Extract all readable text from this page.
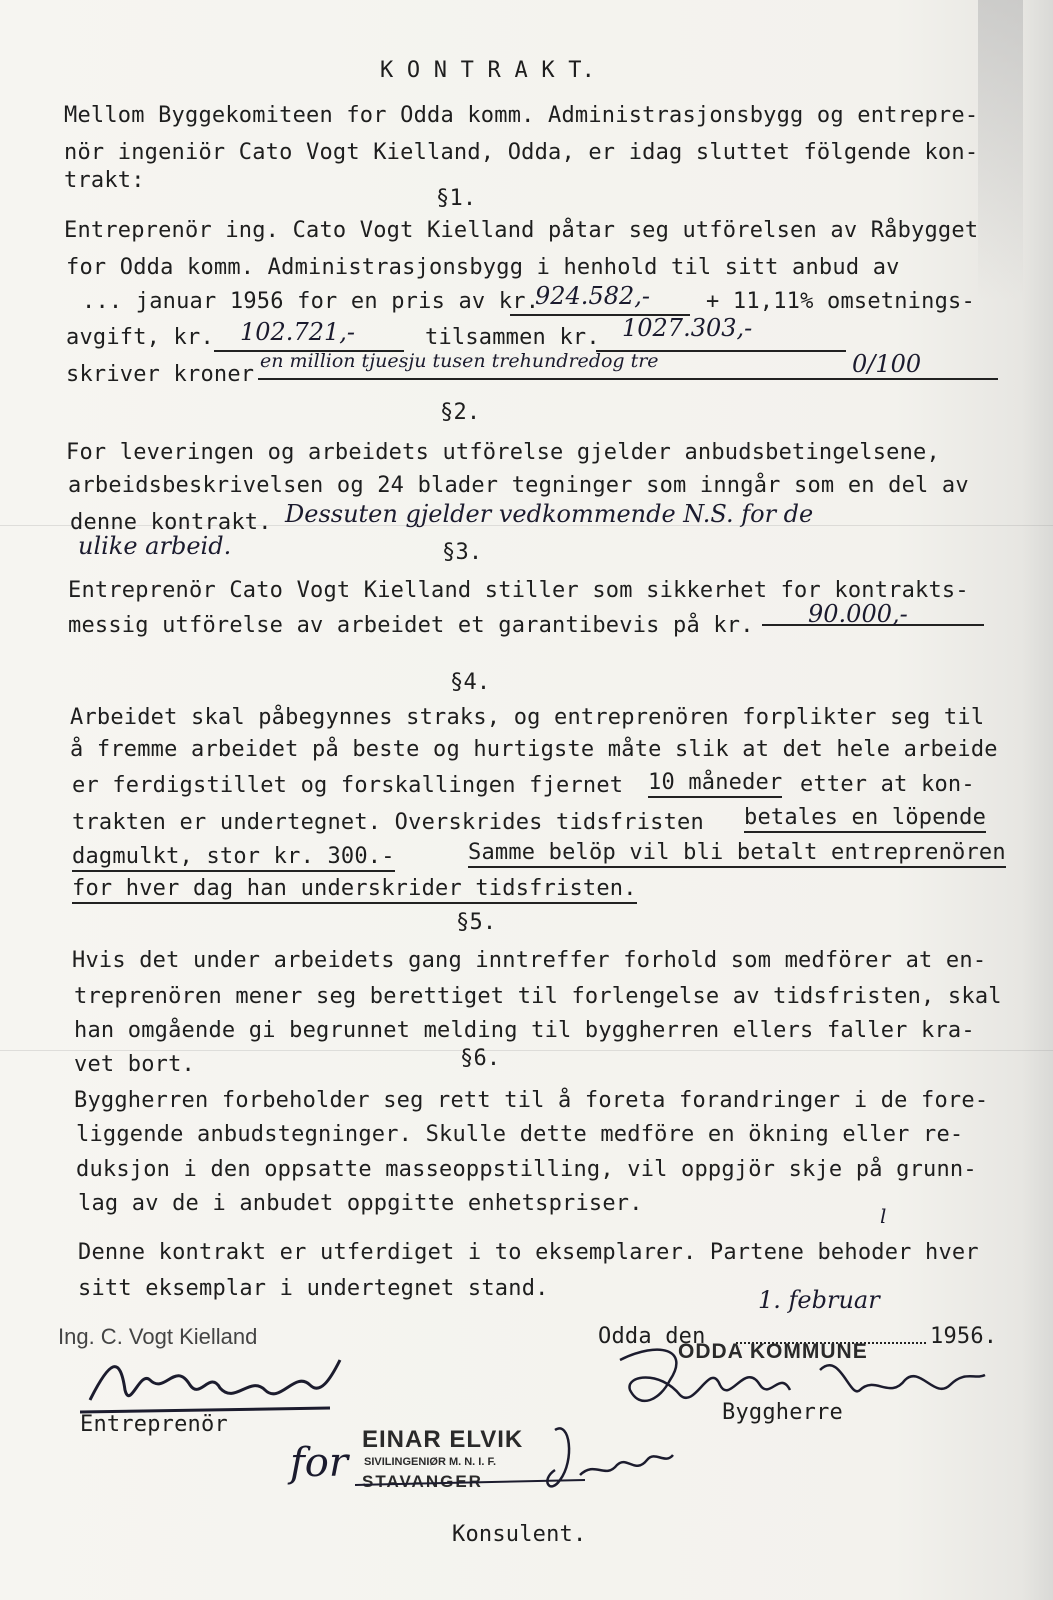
K O N T R A K T.
Mellom Byggekomiteen for Odda komm. Administrasjonsbygg og entrepre-
nör ingeniör Cato Vogt Kielland, Odda, er idag sluttet fölgende kon-
trakt:
§1.
Entreprenör ing. Cato Vogt Kielland påtar seg utförelsen av Råbygget
for Odda komm. Administrasjonsbygg i henhold til sitt anbud av
... januar 1956 for en pris av kr.
924.582,-	+ 11,11% omsetnings-
avgift, kr. 102.721,-	tilsammen kr. 1027.303,-
skriver kroner
en million tjuesju tusen trehundredog tre	0/100
§2.
For leveringen og arbeidets utförelse gjelder anbudsbetingelsene,
arbeidsbeskrivelsen og 24 blader tegninger som inngår som en del av
denne kontrakt. Dessuten gjelder vedkommende N.S. for de
ulike arbeid.	§3.
Entreprenör Cato Vogt Kielland stiller som sikkerhet for kontrakts-
messig utförelse av arbeidet et garantibevis på kr. 90.000,-
§4.
Arbeidet skal påbegynnes straks, og entreprenören forplikter seg til
å fremme arbeidet på beste og hurtigste måte slik at det hele arbeide
er ferdigstillet og forskallingen fjernet 10 måneder etter at kon-
trakten er undertegnet. Overskrides tidsfristen betales en löpende
dagmulkt, stor kr. 300.-	Samme belöp vil bli betalt entreprenören
for hver dag han underskrider tidsfristen.
§5.
Hvis det under arbeidets gang inntreffer forhold som medförer at en-
treprenören mener seg berettiget til forlengelse av tidsfristen, skal
han omgående gi begrunnet melding til byggherren ellers faller kra-
vet bort.	§6.
Byggherren forbeholder seg rett til å foreta forandringer i de fore-
liggende anbudstegninger. Skulle dette medföre en ökning eller re-
duksjon i den oppsatte masseoppstilling, vil oppgjör skje på grunn-
lag av de i anbudet oppgitte enhetspriser.	l
Denne kontrakt er utferdiget i to eksemplarer. Partene behoder hver
sitt eksemplar i undertegnet stand.
Ing. C. Vogt Kielland
Entreprenör
1. februar
Odda den	1956.
ODDA KOMMUNE
Byggherre
for
EINAR ELVIK
SIVILINGENIØR M. N. I. F.
STAVANGER
Konsulent.
